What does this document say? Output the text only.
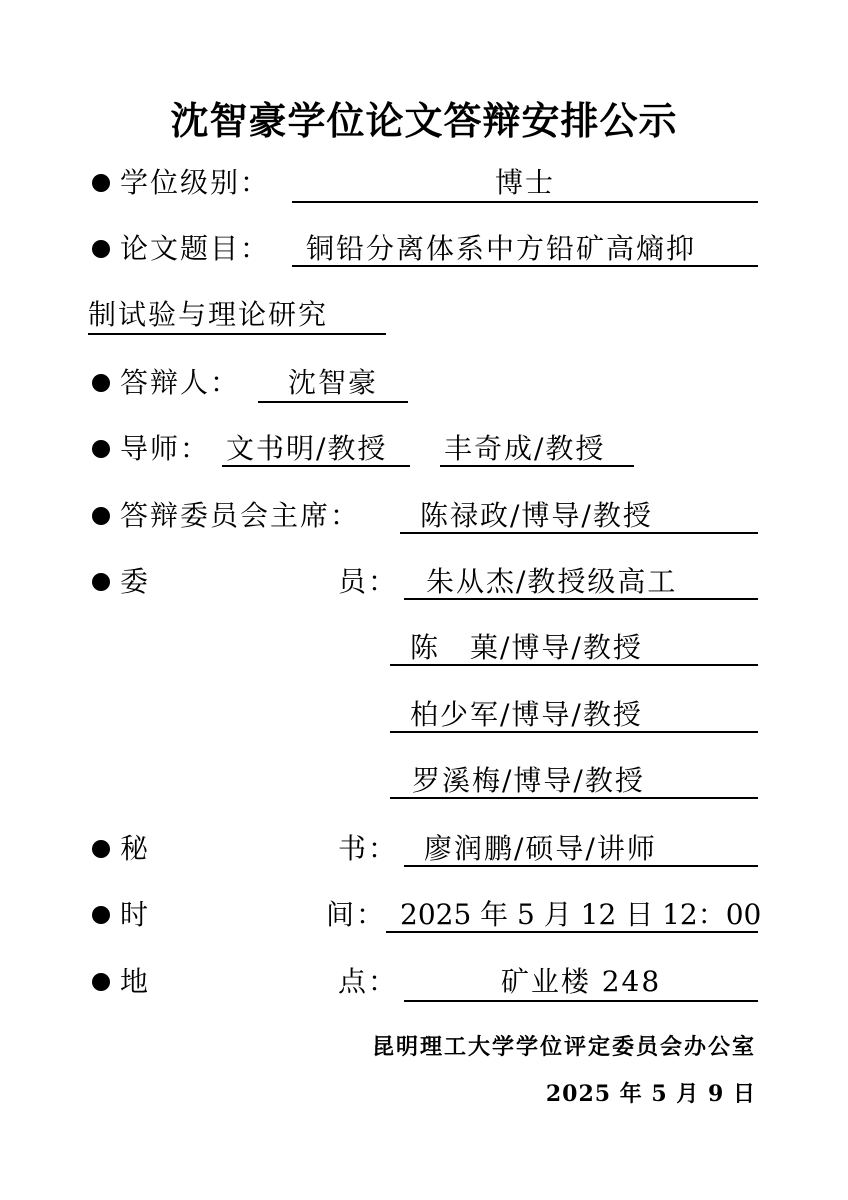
沈智豪学位论文答辩安排公示
学位级别：	博士
论文题目：	铜铅分离体系中方铅矿高熵抑
制试验与理论研究
答辩人：	沈智豪
导师： 文书明/教授	丰奇成/教授
答辩委员会主席：	陈禄政/博导/教授
委	员： 朱从杰/教授级高工
陈　菓/博导/教授
柏少军/博导/教授
罗溪梅/博导/教授
秘	书： 廖润鹏/硕导/讲师
时	间： 2025 年 5 月 12 日 12：00
地	点：	矿业楼 248
昆明理工大学学位评定委员会办公室
2025 年 5 月 9 日
